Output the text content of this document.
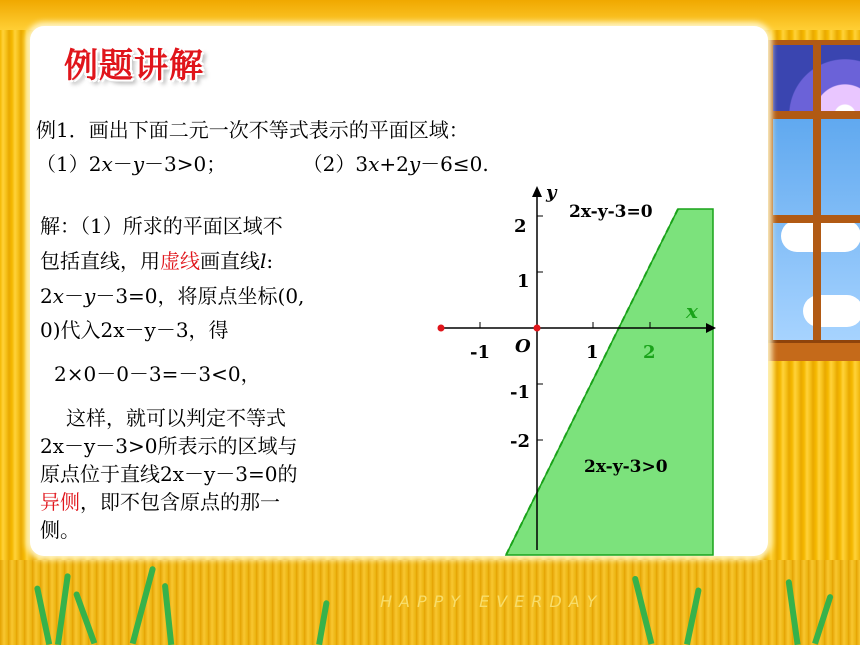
例题讲解
例1．画出下面二元一次不等式表示的平面区域：
（1）2x－y－3>0；	（2）3x+2y－6≤0.
解：（1）所求的平面区域不
包括直线，用虚线画直线l:
2x－y－3=0，将原点坐标(0,
0)代入2x－y－3，得
2×0－0－3=－3<0，
这样，就可以判定不等式
2x－y－3>0所表示的区域与
原点位于直线2x－y－3=0的
异侧，即不包含原点的那一
侧。
y
x
O
-1	1 2
2
1
-1
-2
2x-y-3=0
2x-y-3>0
HAPPY EVERDAY
